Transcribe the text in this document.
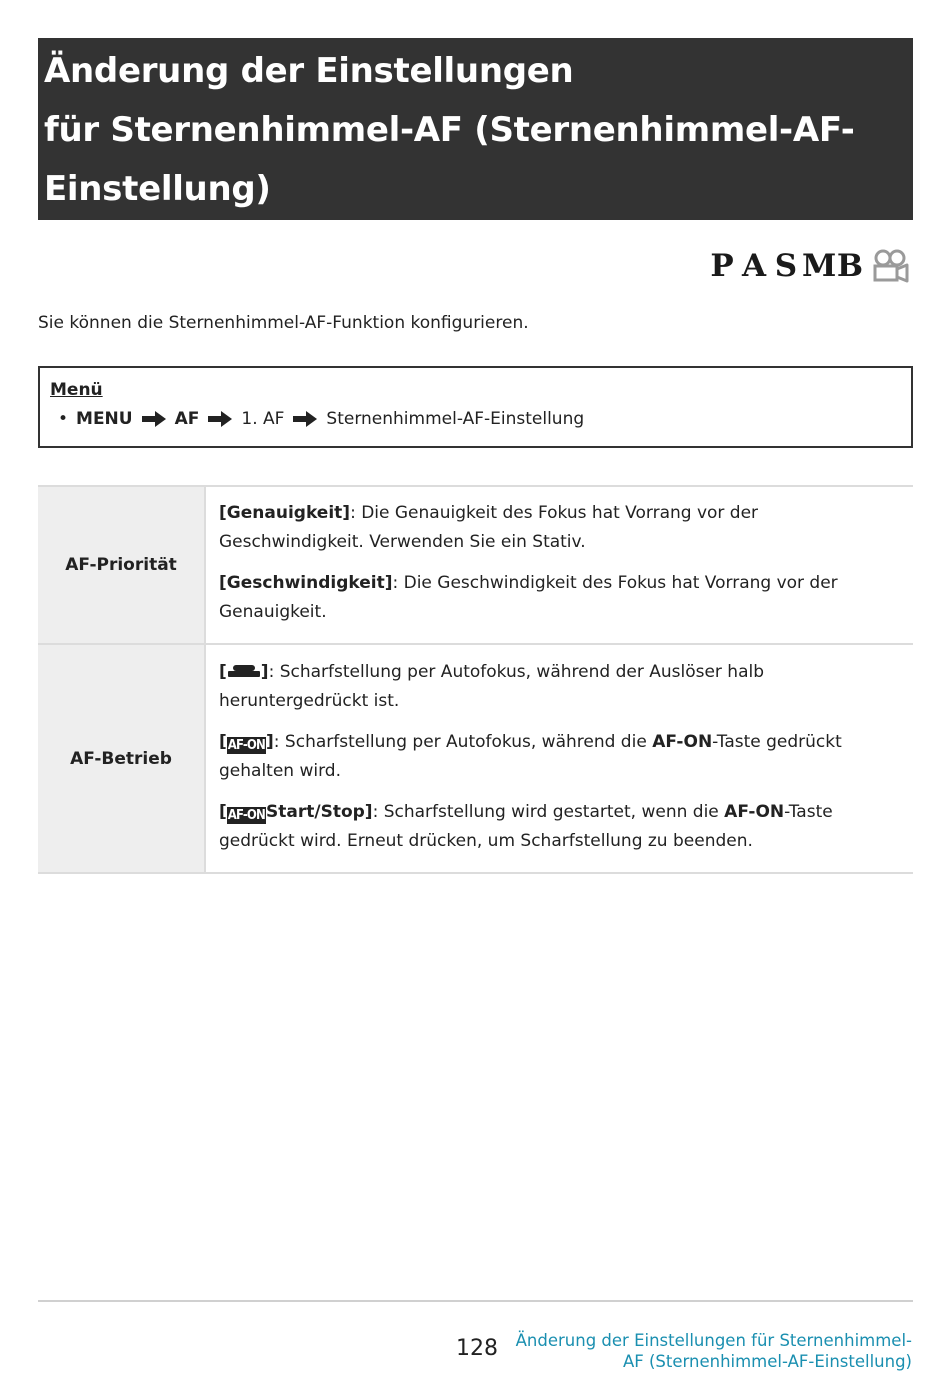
Änderung der Einstellungen
für Sternenhimmel-AF (Sternenhimmel-AF-
Einstellung)
P A S M B
Sie können die Sternenhimmel-AF-Funktion konfigurieren.
Menü
• MENU AF 1. AF Sternenhimmel-AF-Einstellung
AF-Priorität	[Genauigkeit]: Die Genauigkeit des Fokus hat Vorrang vor der Geschwindigkeit. Verwenden Sie ein Stativ.

[Geschwindigkeit]: Die Geschwindigkeit des Fokus hat Vorrang vor der Genauigkeit.

AF-Betrieb	[ ]: Scharfstellung per Autofokus, während der Auslöser halb heruntergedrückt ist.

[AF-ON]: Scharfstellung per Autofokus, während die AF-ON-Taste gedrückt gehalten wird.

[AF-ONStart/Stop]: Scharfstellung wird gestartet, wenn die AF-ON-Taste gedrückt wird. Erneut drücken, um Scharfstellung zu beenden.

128	Änderung der Einstellungen für Sternenhimmel-
AF (Sternenhimmel-AF-Einstellung)
